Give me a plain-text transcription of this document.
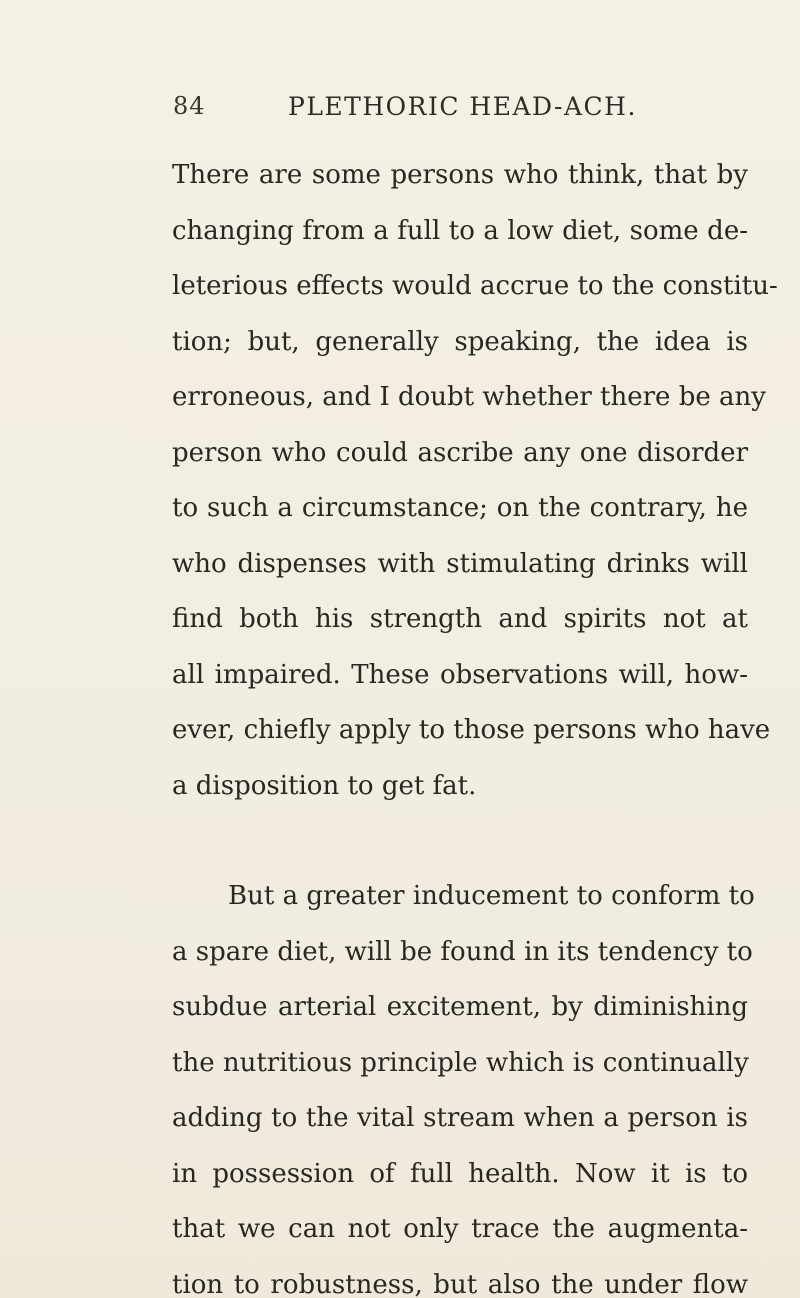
84	PLETHORIC HEAD-ACH.
There are some persons who think, that by
changing from a full to a low diet, some de-
leterious effects would accrue to the constitu-
tion; but, generally speaking, the idea is
erroneous, and I doubt whether there be any
person who could ascribe any one disorder
to such a circumstance; on the contrary, he
who dispenses with stimulating drinks will
find both his strength and spirits not at
all impaired. These observations will, how-
ever, chiefly apply to those persons who have
a disposition to get fat.
But a greater inducement to conform to
a spare diet, will be found in its tendency to
subdue arterial excitement, by diminishing
the nutritious principle which is continually
adding to the vital stream when a person is
in possession of full health. Now it is to
that we can not only trace the augmenta-
tion to robustness, but also the under flow
